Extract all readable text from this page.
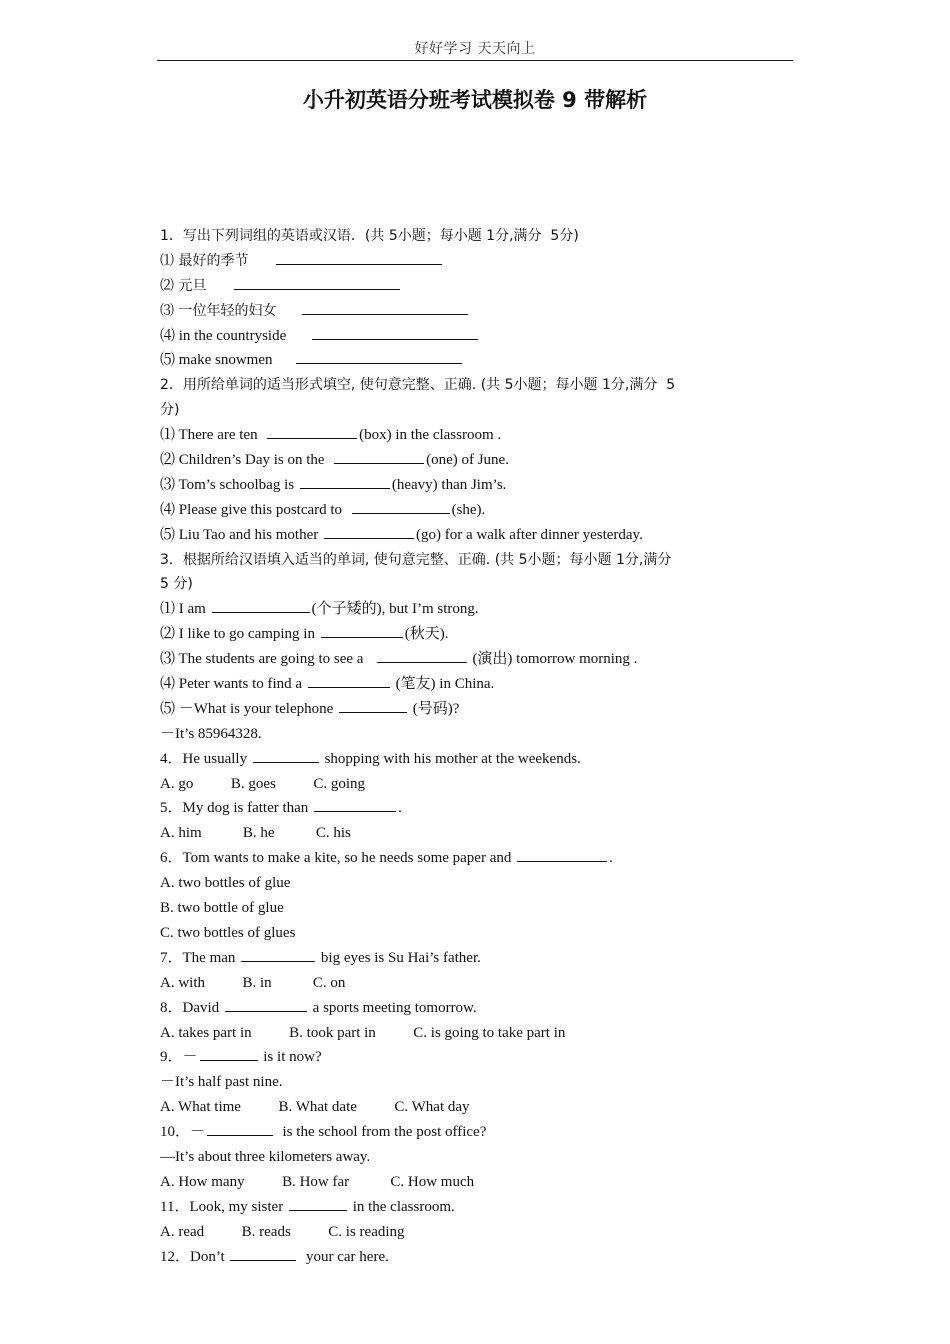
好好学习 天天向上
小升初英语分班考试模拟卷 9 带解析
1．写出下列词组的英语或汉语．(共 5小题；每小题 1分,满分  5分)
⑴ 最好的季节
⑵ 元旦
⑶ 一位年轻的妇女
⑷ in the countryside
⑸ make snowmen
2．用所给单词的适当形式填空, 使句意完整、正确. (共 5小题；每小题 1分,满分  5
分)
⑴ There are ten	(box) in the classroom .
⑵ Children’s Day is on the	(one) of June.
⑶ Tom’s schoolbag is	(heavy) than Jim’s.
⑷ Please give this postcard to	(she).
⑸ Liu Tao and his mother	(go) for a walk after dinner yesterday.
3．根据所给汉语填入适当的单词, 使句意完整、正确. (共 5小题；每小题 1分,满分
5 分)
⑴ I am	(个子矮的), but I’m strong.
⑵ I like to go camping in	(秋天).
⑶ The students are going to see a	(演出) tomorrow morning .
⑷ Peter wants to find a	(笔友) in China.
⑸ －What is your telephone	(号码)?
－It’s 85964328.
4．He usually	shopping with his mother at the weekends.
A. go          B. goes          C. going
5．My dog is fatter than	.
A. him           B. he           C. his
6．Tom wants to make a kite, so he needs some paper and	.
A. two bottles of glue
B. two bottle of glue
C. two bottles of glues
7．The man	big eyes is Su Hai’s father.
A. with          B. in           C. on
8．David	a sports meeting tomorrow.
A. takes part in          B. took part in          C. is going to take part in
9．－	is it now?
－It’s half past nine.
A. What time          B. What date          C. What day
10．－	is the school from the post office?
—It’s about three kilometers away.
A. How many          B. How far           C. How much
11．Look, my sister	in the classroom.
A. read          B. reads          C. is reading
12．Don’t	your car here.
